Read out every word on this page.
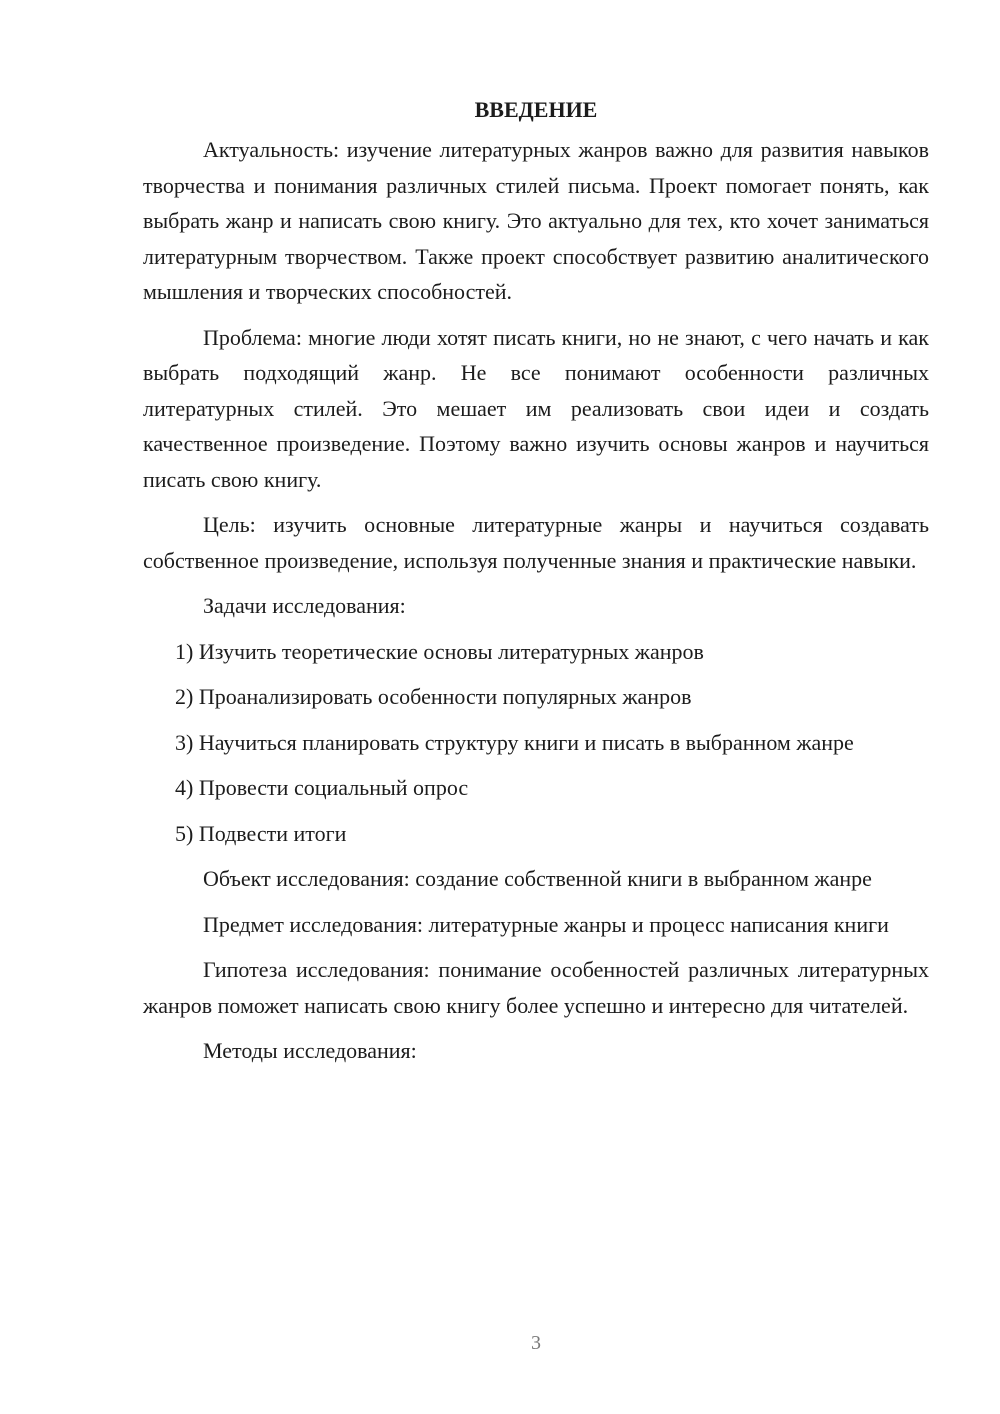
ВВЕДЕНИЕ

Актуальность: изучение литературных жанров важно для развития навыков творчества и понимания различных стилей письма. Проект помогает понять, как выбрать жанр и написать свою книгу. Это актуально для тех, кто хочет заниматься литературным творчеством. Также проект способствует развитию аналитического мышления и творческих способностей.

Проблема: многие люди хотят писать книги, но не знают, с чего начать и как выбрать подходящий жанр. Не все понимают особенности различных литературных стилей. Это мешает им реализовать свои идеи и создать качественное произведение. Поэтому важно изучить основы жанров и научиться писать свою книгу.

Цель: изучить основные литературные жанры и научиться создавать собственное произведение, используя полученные знания и практические навыки.

Задачи исследования:

1) Изучить теоретические основы литературных жанров

2) Проанализировать особенности популярных жанров

3) Научиться планировать структуру книги и писать в выбранном жанре

4) Провести социальный опрос

5) Подвести итоги

Объект исследования: создание собственной книги в выбранном жанре

Предмет исследования: литературные жанры и процесс написания книги

Гипотеза исследования: понимание особенностей различных литературных жанров поможет написать свою книгу более успешно и интересно для читателей.

Методы исследования:

3
